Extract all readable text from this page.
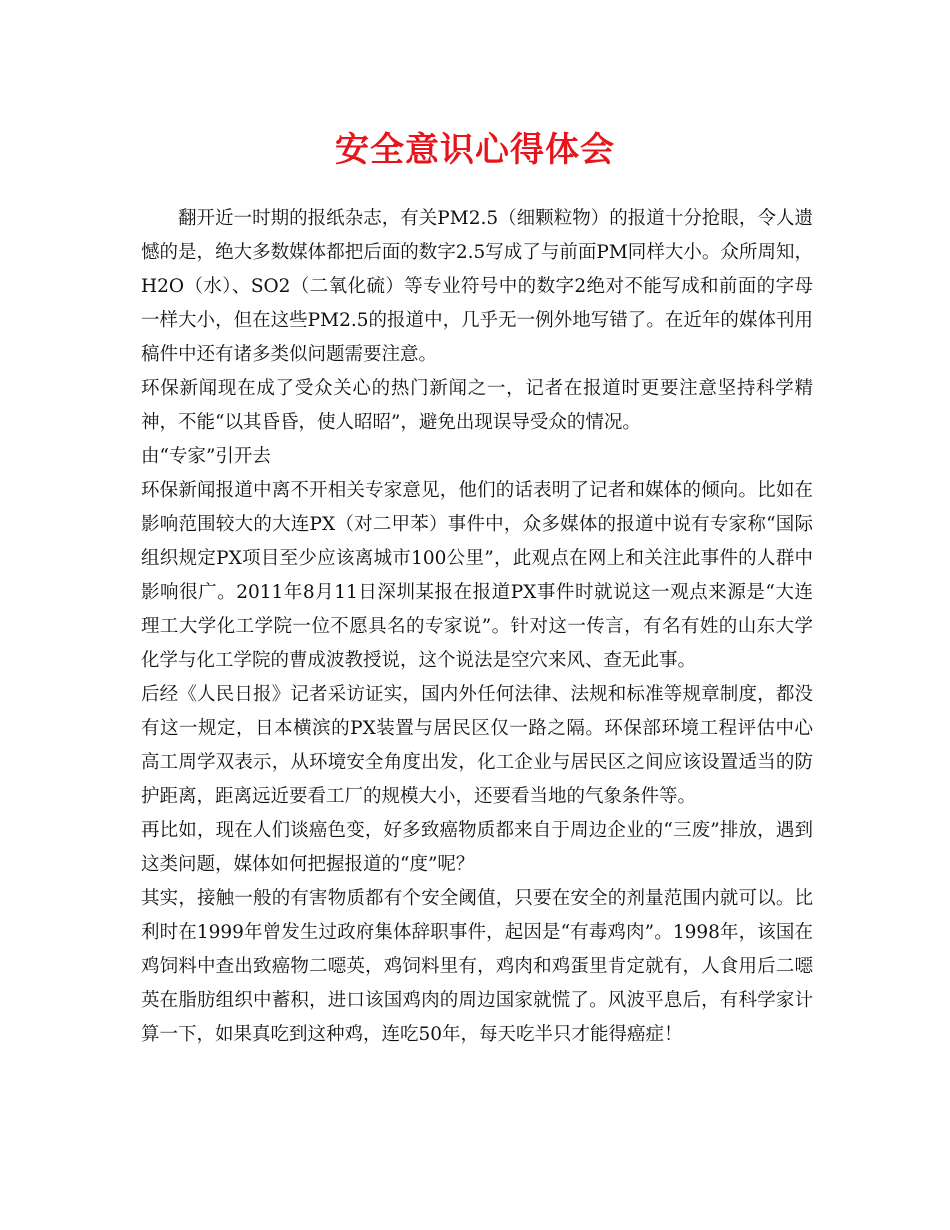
安全意识心得体会

翻开近一时期的报纸杂志，有关PM2.5（细颗粒物）的报道十分抢眼，令人遗憾的是，绝大多数媒体都把后面的数字2.5写成了与前面PM同样大小。众所周知，H2O（水）、SO2（二氧化硫）等专业符号中的数字2绝对不能写成和前面的字母一样大小，但在这些PM2.5的报道中，几乎无一例外地写错了。在近年的媒体刊用稿件中还有诸多类似问题需要注意。

环保新闻现在成了受众关心的热门新闻之一，记者在报道时更要注意坚持科学精神，不能“以其昏昏，使人昭昭”，避免出现误导受众的情况。

由“专家”引开去

环保新闻报道中离不开相关专家意见，他们的话表明了记者和媒体的倾向。比如在影响范围较大的大连PX（对二甲苯）事件中，众多媒体的报道中说有专家称“国际组织规定PX项目至少应该离城市100公里”，此观点在网上和关注此事件的人群中影响很广。2011年8月11日深圳某报在报道PX事件时就说这一观点来源是“大连理工大学化工学院一位不愿具名的专家说”。针对这一传言，有名有姓的山东大学化学与化工学院的曹成波教授说，这个说法是空穴来风、查无此事。

后经《人民日报》记者采访证实，国内外任何法律、法规和标准等规章制度，都没有这一规定，日本横滨的PX装置与居民区仅一路之隔。环保部环境工程评估中心高工周学双表示，从环境安全角度出发，化工企业与居民区之间应该设置适当的防护距离，距离远近要看工厂的规模大小，还要看当地的气象条件等。

再比如，现在人们谈癌色变，好多致癌物质都来自于周边企业的“三废”排放，遇到这类问题，媒体如何把握报道的“度”呢？

其实，接触一般的有害物质都有个安全阈值，只要在安全的剂量范围内就可以。比利时在1999年曾发生过政府集体辞职事件，起因是“有毒鸡肉”。1998年，该国在鸡饲料中查出致癌物二噁英，鸡饲料里有，鸡肉和鸡蛋里肯定就有，人食用后二噁英在脂肪组织中蓄积，进口该国鸡肉的周边国家就慌了。风波平息后，有科学家计算一下，如果真吃到这种鸡，连吃50年，每天吃半只才能得癌症！
